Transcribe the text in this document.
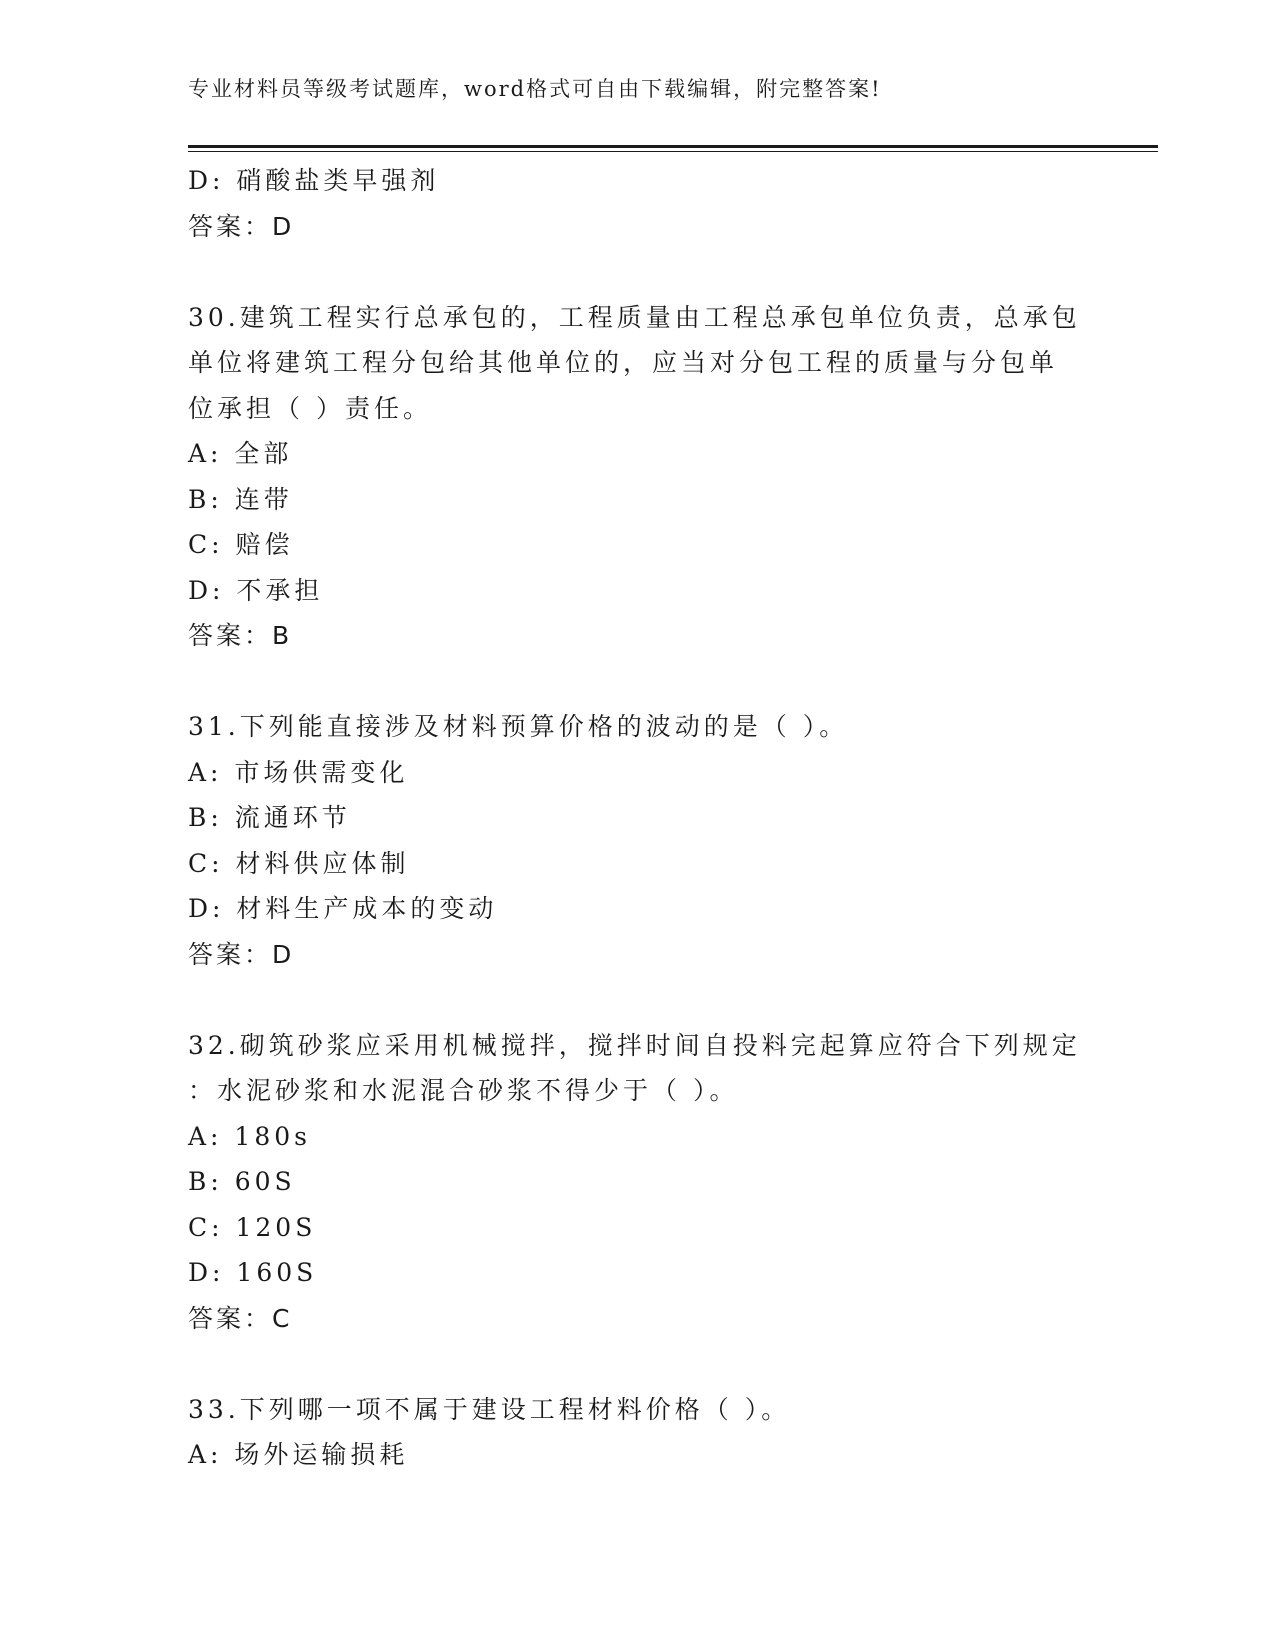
专业材料员等级考试题库，word格式可自由下载编辑，附完整答案!
D: 硝酸盐类早强剂
答案：D
30.建筑工程实行总承包的，工程质量由工程总承包单位负责，总承包
单位将建筑工程分包给其他单位的，应当对分包工程的质量与分包单
位承担（ ）责任。
A: 全部
B: 连带
C: 赔偿
D: 不承担
答案：B
31.下列能直接涉及材料预算价格的波动的是（ ）。
A: 市场供需变化
B: 流通环节
C: 材料供应体制
D: 材料生产成本的变动
答案：D
32.砌筑砂浆应采用机械搅拌，搅拌时间自投料完起算应符合下列规定
：水泥砂浆和水泥混合砂浆不得少于（ ）。
A: 180s
B: 60S
C: 120S
D: 160S
答案：C
33.下列哪一项不属于建设工程材料价格（ ）。
A: 场外运输损耗
